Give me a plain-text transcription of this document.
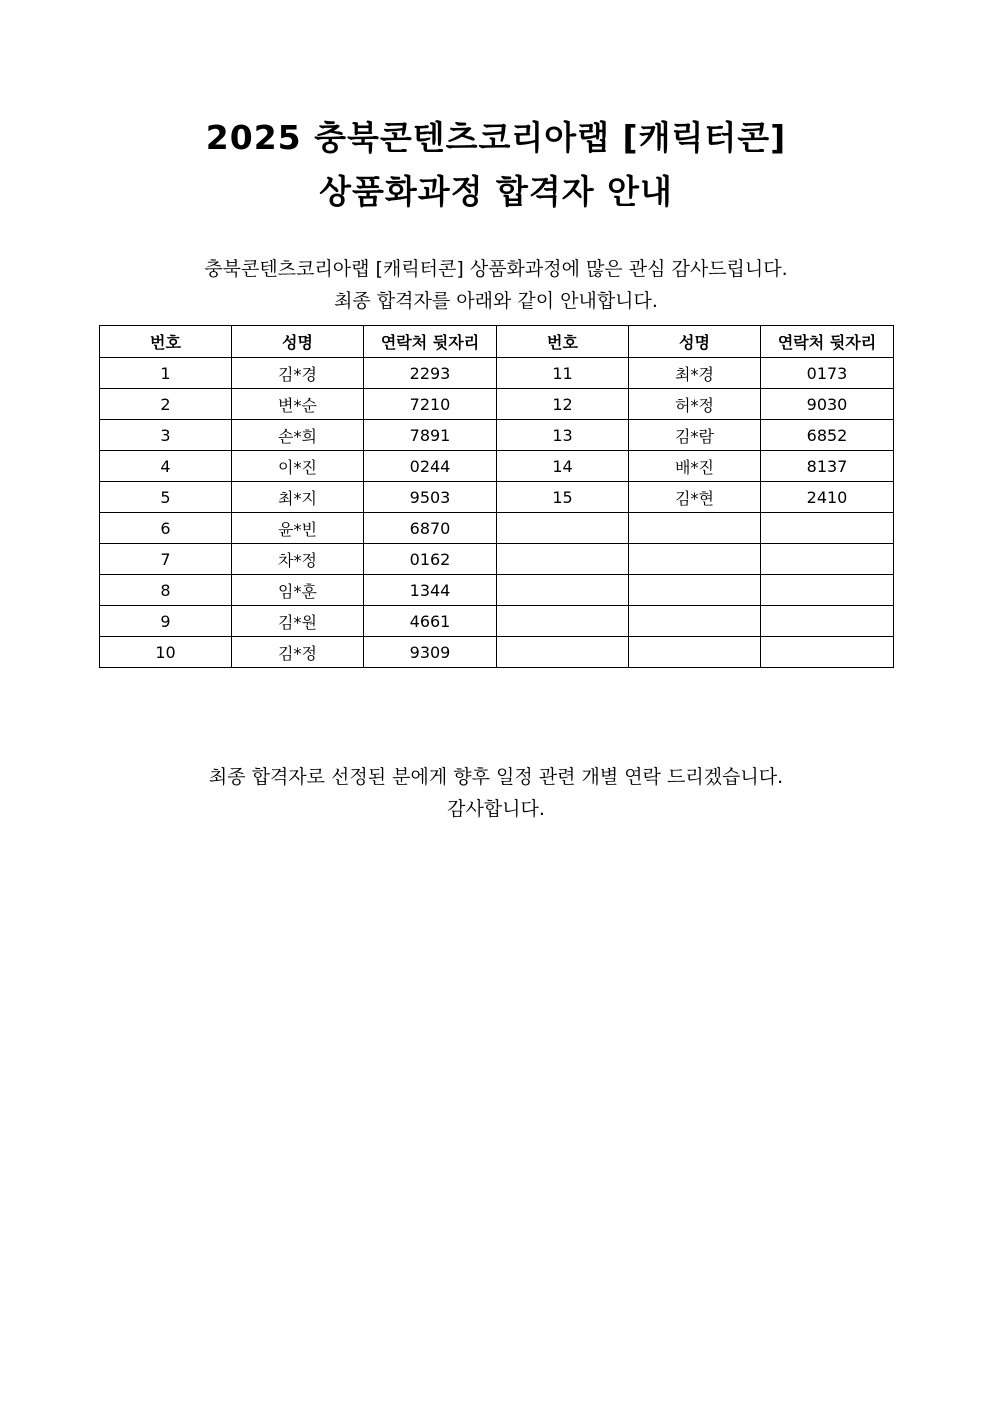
2025 충북콘텐츠코리아랩 [캐릭터콘]
상품화과정 합격자 안내
충북콘텐츠코리아랩 [캐릭터콘] 상품화과정에 많은 관심 감사드립니다.
최종 합격자를 아래와 같이 안내합니다.
번호	성명	연락처 뒷자리	번호	성명	연락처 뒷자리
1	김*경	2293	11	최*경	0173
2	변*순	7210	12	허*정	9030
3	손*희	7891	13	김*람	6852
4	이*진	0244	14	배*진	8137
5	최*지	9503	15	김*현	2410
6	윤*빈	6870			
7	차*정	0162			
8	임*훈	1344			
9	김*원	4661			
10	김*정	9309			
최종 합격자로 선정된 분에게 향후 일정 관련 개별 연락 드리겠습니다.
감사합니다.
